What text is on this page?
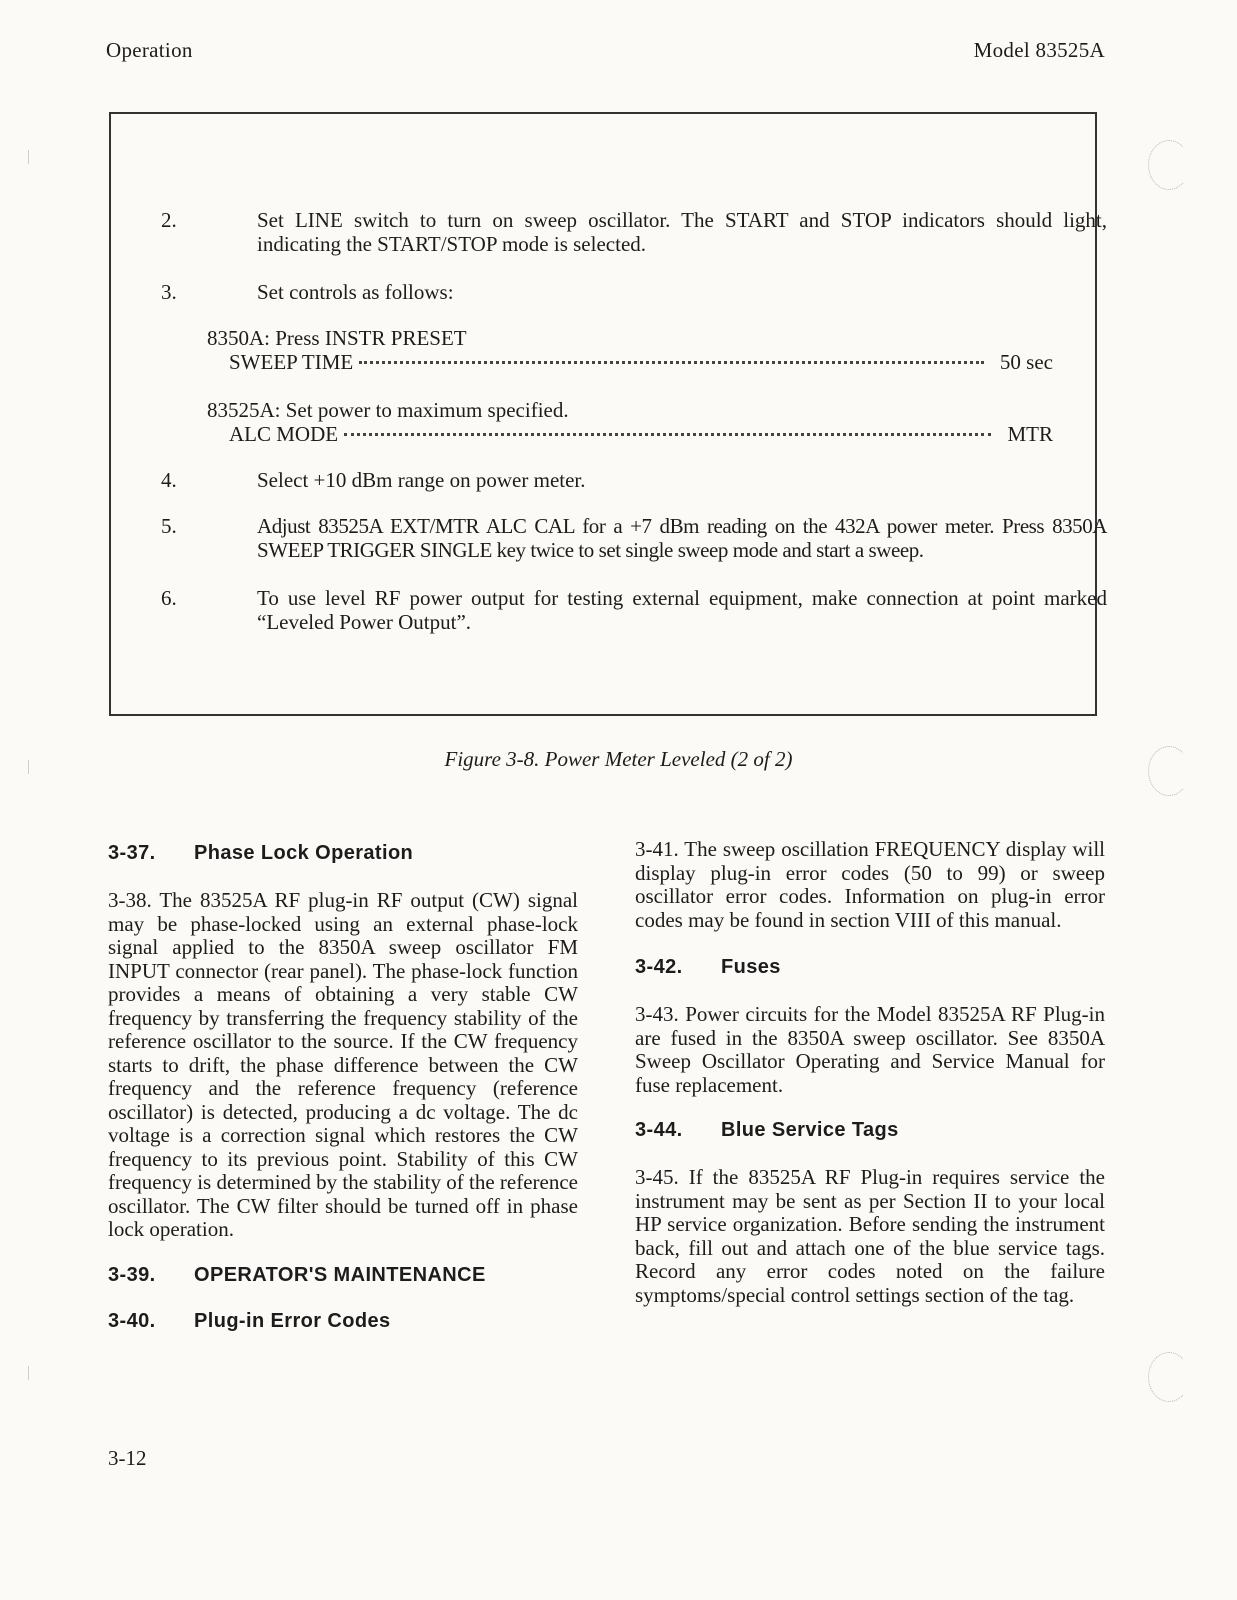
Operation	Model 83525A
2.	Set LINE switch to turn on sweep oscillator. The START and STOP indicators should light, indicating the START/STOP mode is selected.
3.	Set controls as follows:
8350A: Press INSTR PRESET
SWEEP TIME	50 sec
83525A: Set power to maximum specified.
ALC MODE	MTR
4.	Select +10 dBm range on power meter.
5.	Adjust 83525A EXT/MTR ALC CAL for a +7 dBm reading on the 432A power meter. Press 8350A SWEEP TRIGGER SINGLE key twice to set single sweep mode and start a sweep.
6.	To use level RF power output for testing external equipment, make connection at point marked “Leveled Power Output”.
Figure 3-8. Power Meter Leveled (2 of 2)
3-37.	Phase Lock Operation

3-38. The 83525A RF plug-in RF output (CW) signal may be phase-locked using an external phase-lock signal applied to the 8350A sweep oscillator FM INPUT connector (rear panel). The phase-lock function provides a means of obtaining a very stable CW frequency by transferring the frequency stability of the reference oscillator to the source. If the CW frequency starts to drift, the phase difference between the CW frequency and the reference frequency (reference oscillator) is detected, producing a dc voltage. The dc voltage is a correction signal which restores the CW frequency to its previous point. Stability of this CW frequency is determined by the stability of the reference oscillator. The CW filter should be turned off in phase lock operation.

3-39.	OPERATOR'S MAINTENANCE
3-40.	Plug-in Error Codes

3-41. The sweep oscillation FREQUENCY display will display plug-in error codes (50 to 99) or sweep oscillator error codes. Information on plug-in error codes may be found in section VIII of this manual.

3-42.	Fuses

3-43. Power circuits for the Model 83525A RF Plug-in are fused in the 8350A sweep oscillator. See 8350A Sweep Oscillator Operating and Service Manual for fuse replacement.

3-44.	Blue Service Tags

3-45. If the 83525A RF Plug-in requires service the instrument may be sent as per Section II to your local HP service organization. Before sending the instrument back, fill out and attach one of the blue service tags. Record any error codes noted on the failure symptoms/special control settings section of the tag.

3-12
